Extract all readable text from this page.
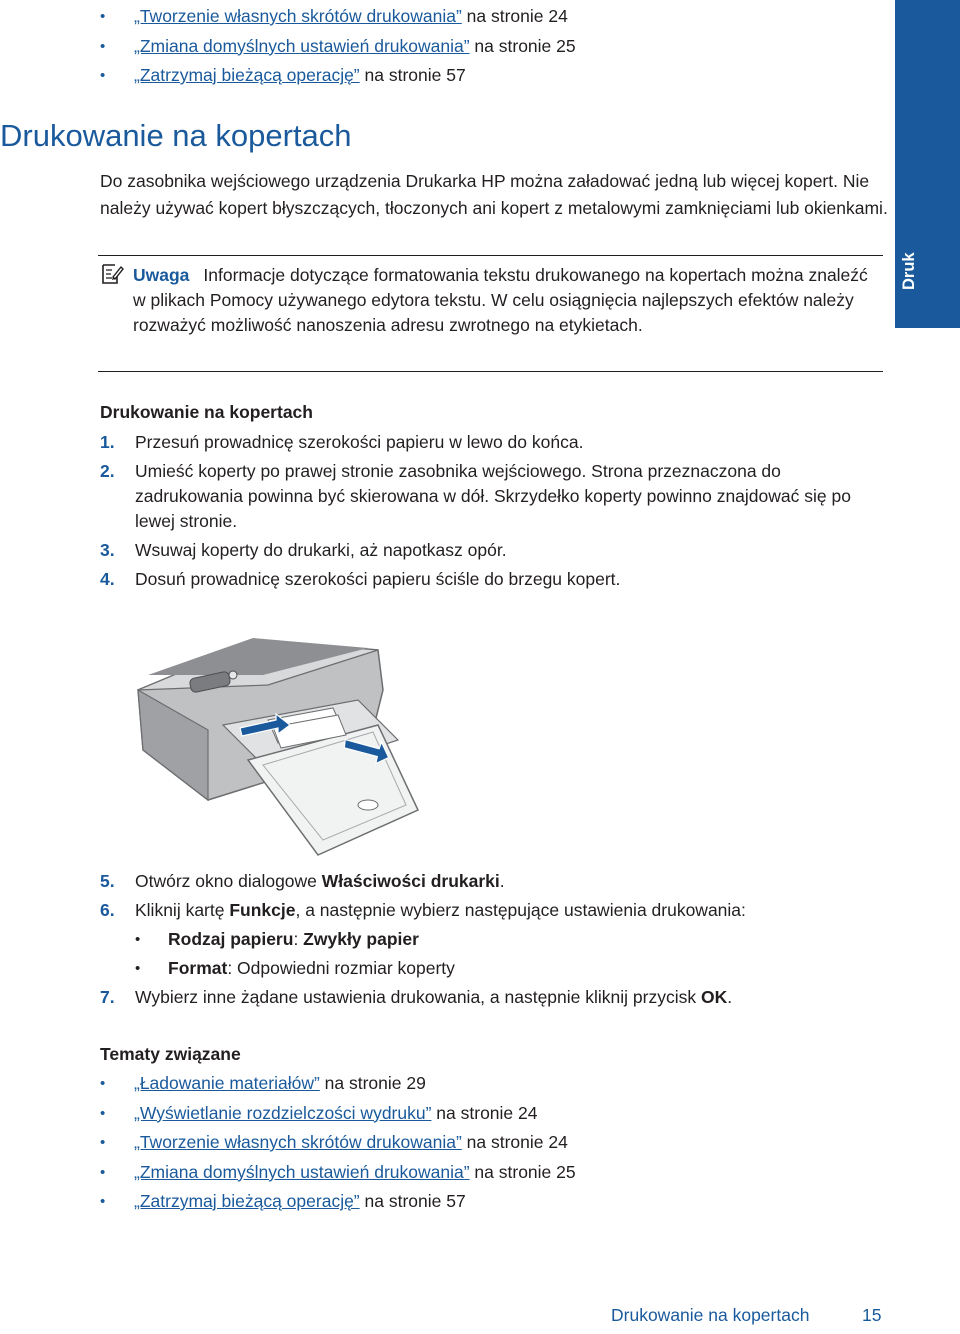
• „Tworzenie własnych skrótów drukowania” na stronie 24
• „Zmiana domyślnych ustawień drukowania” na stronie 25
• „Zatrzymaj bieżącą operację” na stronie 57
Drukowanie na kopertach
Do zasobnika wejściowego urządzenia Drukarka HP można załadować jedną lub więcej kopert. Nie należy używać kopert błyszczących, tłoczonych ani kopert z metalowymi zamknięciami lub okienkami.
Druk
Uwaga Informacje dotyczące formatowania tekstu drukowanego na kopertach można znaleźć w plikach Pomocy używanego edytora tekstu. W celu osiągnięcia najlepszych efektów należy rozważyć możliwość nanoszenia adresu zwrotnego na etykietach.
Drukowanie na kopertach
1. Przesuń prowadnicę szerokości papieru w lewo do końca.
2. Umieść koperty po prawej stronie zasobnika wejściowego. Strona przeznaczona do zadrukowania powinna być skierowana w dół. Skrzydełko koperty powinno znajdować się po lewej stronie.
3. Wsuwaj koperty do drukarki, aż napotkasz opór.
4. Dosuń prowadnicę szerokości papieru ściśle do brzegu kopert.
5. Otwórz okno dialogowe Właściwości drukarki.
6. Kliknij kartę Funkcje, a następnie wybierz następujące ustawienia drukowania:
• Rodzaj papieru: Zwykły papier
• Format: Odpowiedni rozmiar koperty
7. Wybierz inne żądane ustawienia drukowania, a następnie kliknij przycisk OK.
Tematy związane
• „Ładowanie materiałów” na stronie 29
• „Wyświetlanie rozdzielczości wydruku” na stronie 24
• „Tworzenie własnych skrótów drukowania” na stronie 24
• „Zmiana domyślnych ustawień drukowania” na stronie 25
• „Zatrzymaj bieżącą operację” na stronie 57
Drukowanie na kopertach	15
